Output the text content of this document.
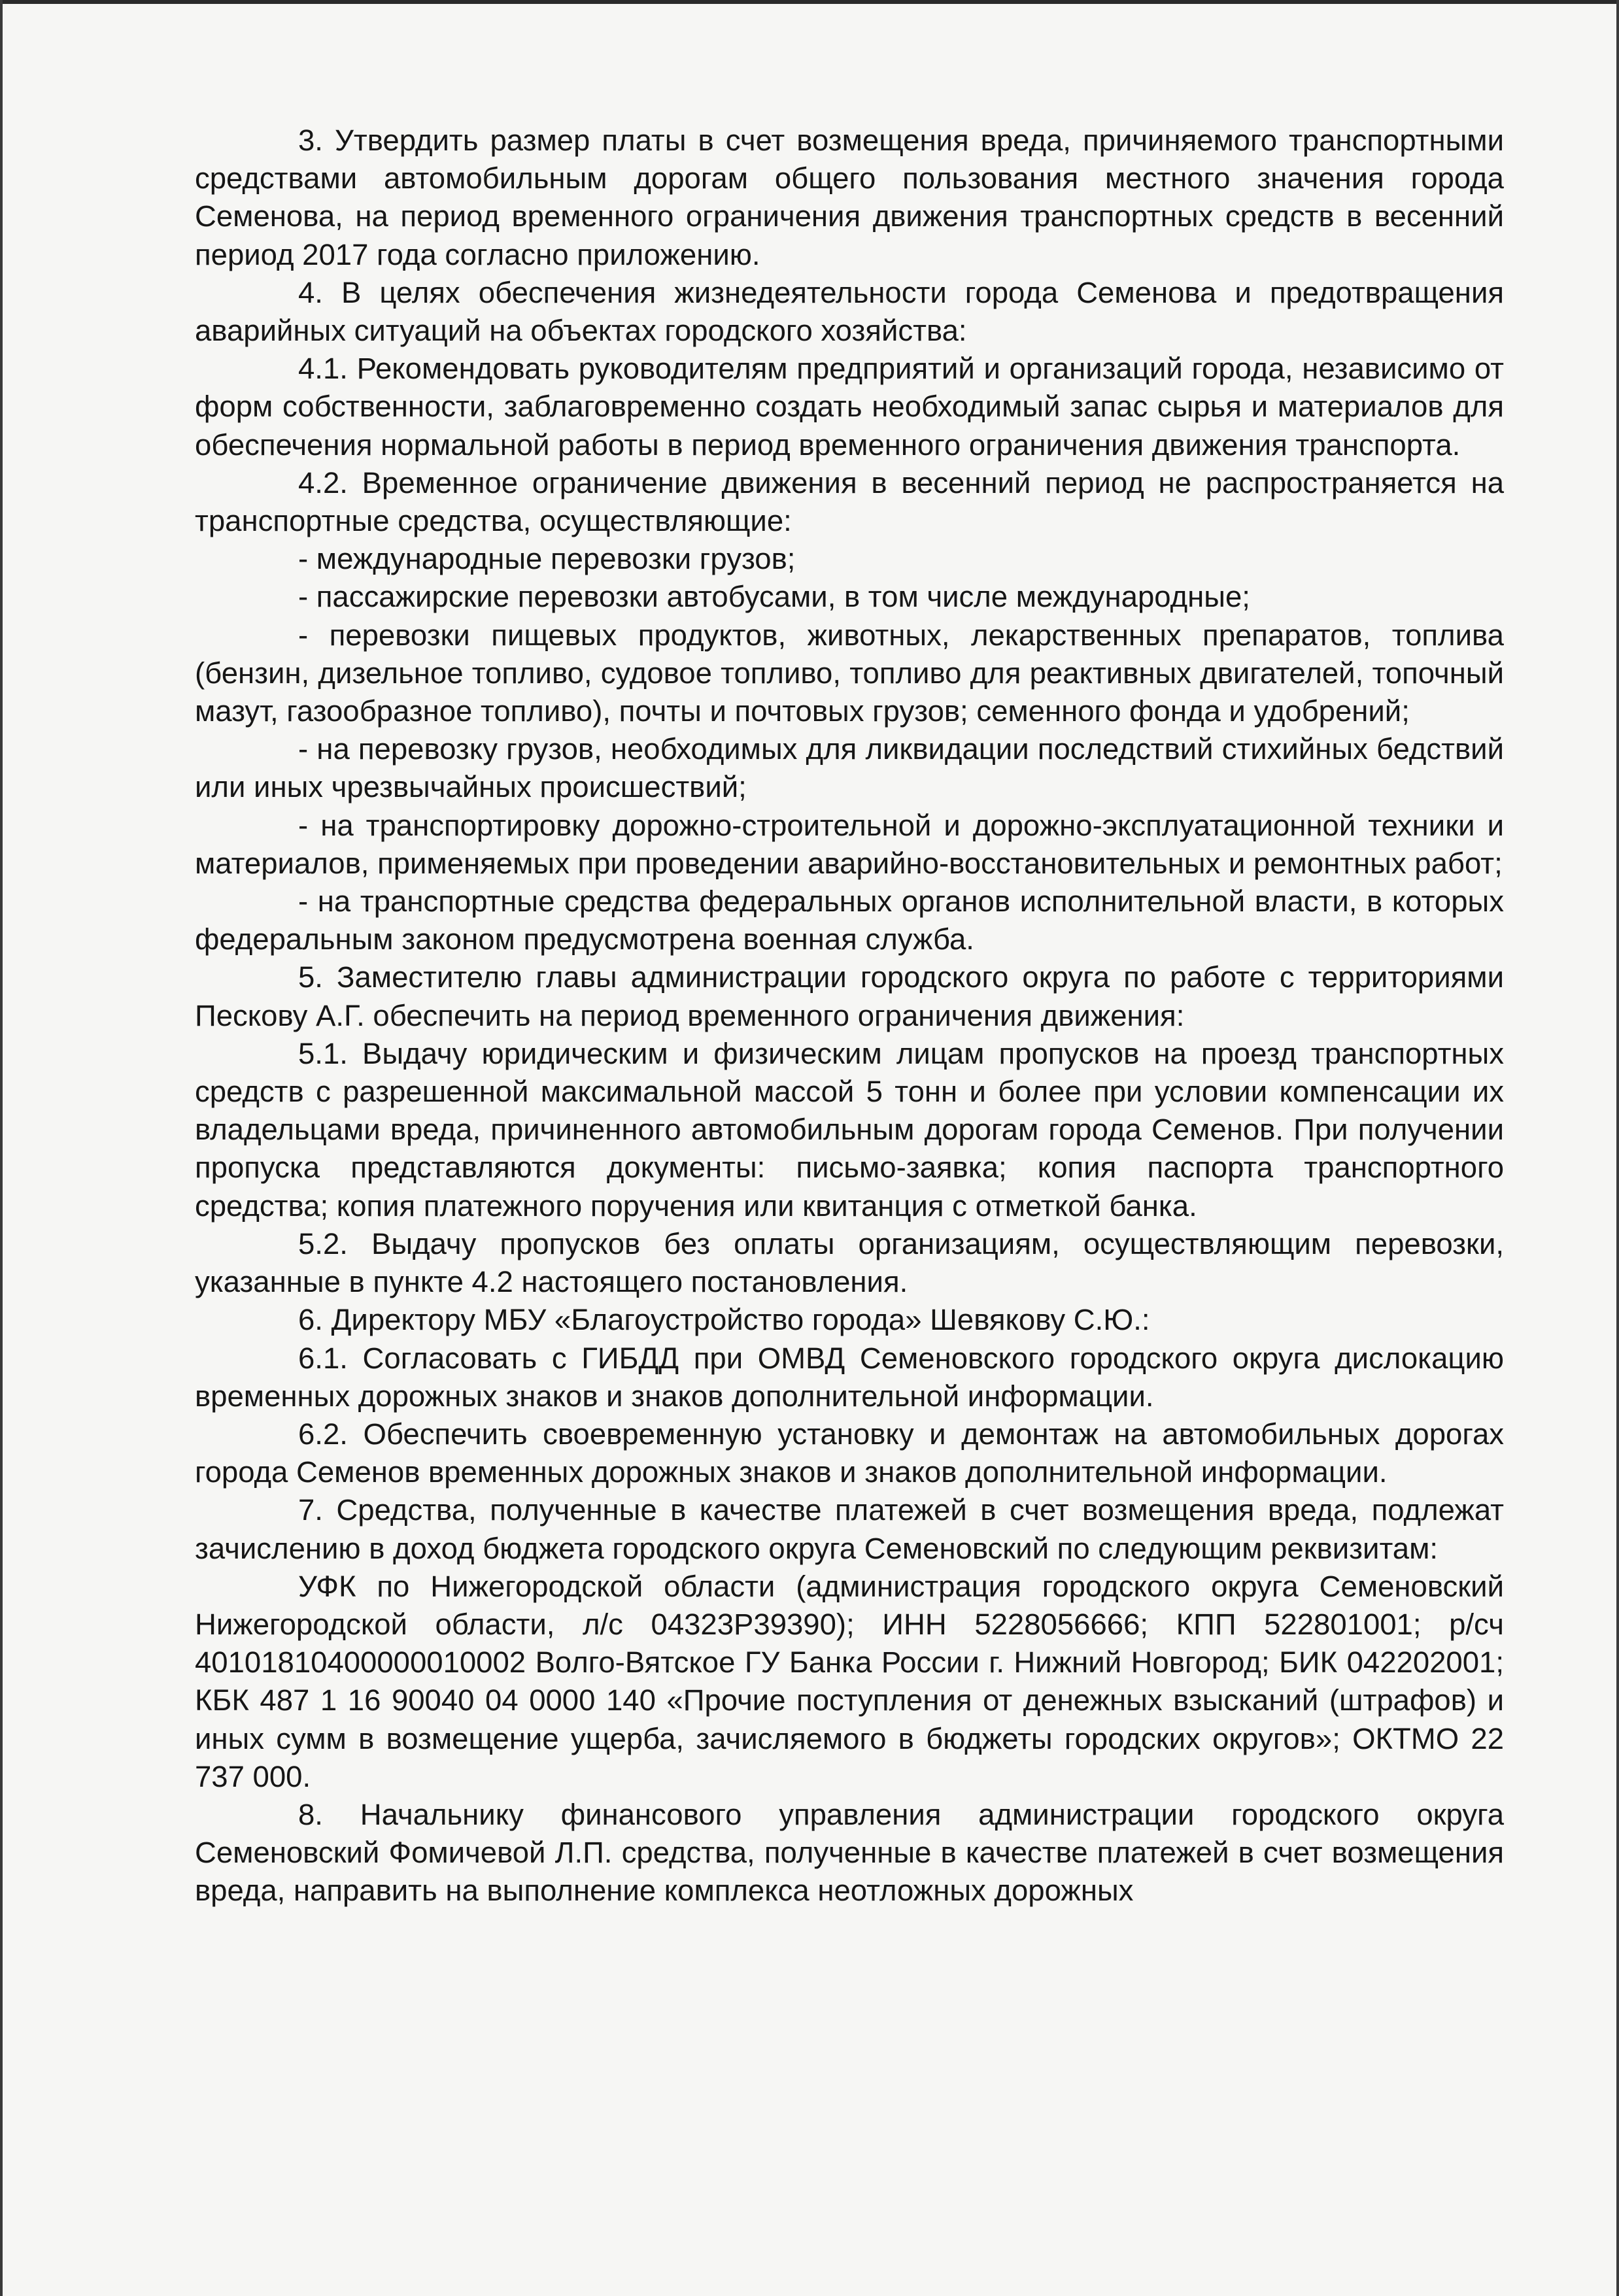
3. Утвердить размер платы в счет возмещения вреда, причиняемого транспортными средствами автомобильным дорогам общего пользования местного значения города Семенова, на период временного ограничения движения транспортных средств в весенний период 2017 года согласно приложению.

4. В целях обеспечения жизнедеятельности города Семенова и предотвращения аварийных ситуаций на объектах городского хозяйства:

4.1. Рекомендовать руководителям предприятий и организаций города, независимо от форм собственности, заблаговременно создать необходимый запас сырья и материалов для обеспечения нормальной работы в период временного ограничения движения транспорта.

4.2. Временное ограничение движения в весенний период не распространяется на транспортные средства, осуществляющие:

- международные перевозки грузов;

- пассажирские перевозки автобусами, в том числе международные;

- перевозки пищевых продуктов, животных, лекарственных препаратов, топлива (бензин, дизельное топливо, судовое топливо, топливо для реактивных двигателей, топочный мазут, газообразное топливо), почты и почтовых грузов; семенного фонда и удобрений;

- на перевозку грузов, необходимых для ликвидации последствий стихийных бедствий или иных чрезвычайных происшествий;

- на транспортировку дорожно-строительной и дорожно-эксплуатационной техники и материалов, применяемых при проведении аварийно-восстановительных и ремонтных работ;

- на транспортные средства федеральных органов исполнительной власти, в которых федеральным законом предусмотрена военная служба.

5. Заместителю главы администрации городского округа по работе с территориями Пескову А.Г. обеспечить на период временного ограничения движения:

5.1. Выдачу юридическим и физическим лицам пропусков на проезд транспортных средств с разрешенной максимальной массой 5 тонн и более при условии компенсации их владельцами вреда, причиненного автомобильным дорогам города Семенов. При получении пропуска представляются документы: письмо-заявка; копия паспорта транспортного средства; копия платежного поручения или квитанция с отметкой банка.

5.2. Выдачу пропусков без оплаты организациям, осуществляющим перевозки, указанные в пункте 4.2 настоящего постановления.

6. Директору МБУ «Благоустройство города» Шевякову С.Ю.:

6.1. Согласовать с ГИБДД при ОМВД Семеновского городского округа дислокацию временных дорожных знаков и знаков дополнительной информации.

6.2. Обеспечить своевременную установку и демонтаж на автомобильных дорогах города Семенов временных дорожных знаков и знаков дополнительной информации.

7. Средства, полученные в качестве платежей в счет возмещения вреда, подлежат зачислению в доход бюджета городского округа Семеновский по следующим реквизитам:

УФК по Нижегородской области (администрация городского округа Семеновский Нижегородской области, л/с 04323Р39390); ИНН 5228056666; КПП 522801001; р/сч 40101810400000010002 Волго-Вятское ГУ Банка России г. Нижний Новгород; БИК 042202001; КБК 487 1 16 90040 04 0000 140 «Прочие поступления от денежных взысканий (штрафов) и иных сумм в возмещение ущерба, зачисляемого в бюджеты городских округов»; ОКТМО 22 737 000.

8. Начальнику финансового управления администрации городского округа Семеновский Фомичевой Л.П. средства, полученные в качестве платежей в счет возмещения вреда, направить на выполнение комплекса неотложных дорожных
